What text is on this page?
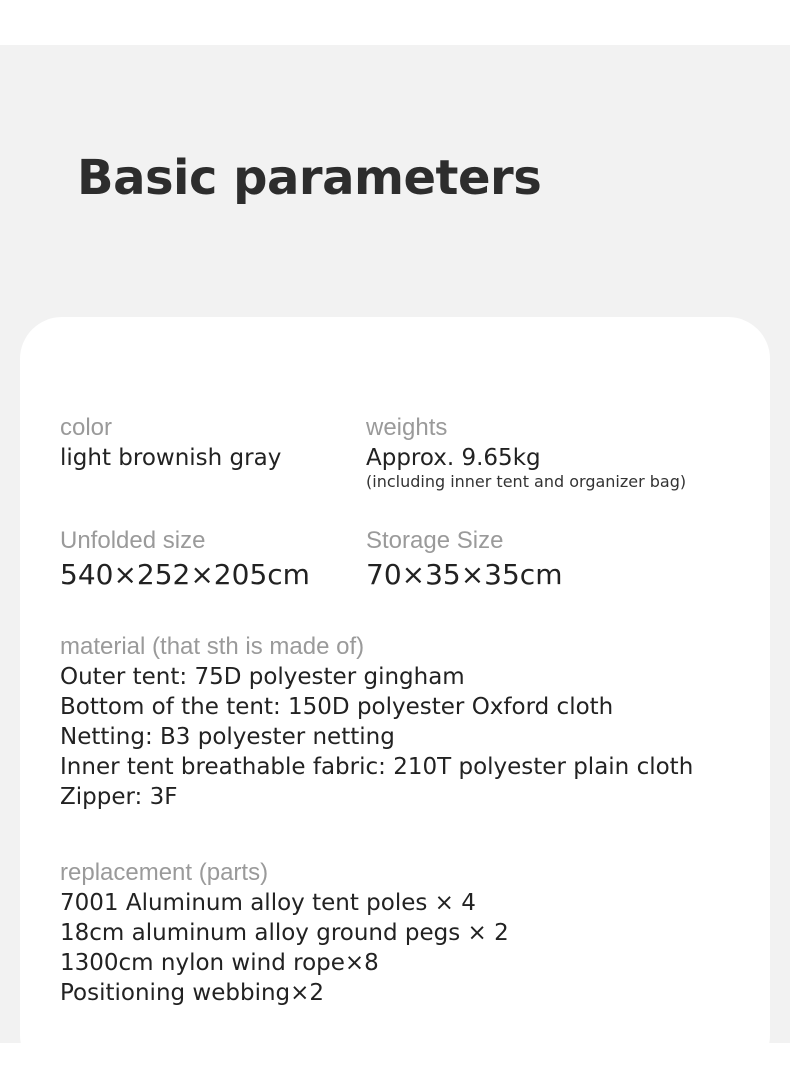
Basic parameters
color
light brownish gray
weights
Approx. 9.65kg
(including inner tent and organizer bag)
Unfolded size
540×252×205cm
Storage Size
70×35×35cm
material (that sth is made of)
Outer tent: 75D polyester gingham
Bottom of the tent: 150D polyester Oxford cloth
Netting: B3 polyester netting
Inner tent breathable fabric: 210T polyester plain cloth
Zipper: 3F
replacement (parts)
7001 Aluminum alloy tent poles × 4
18cm aluminum alloy ground pegs × 2
1300cm nylon wind rope×8
Positioning webbing×2
